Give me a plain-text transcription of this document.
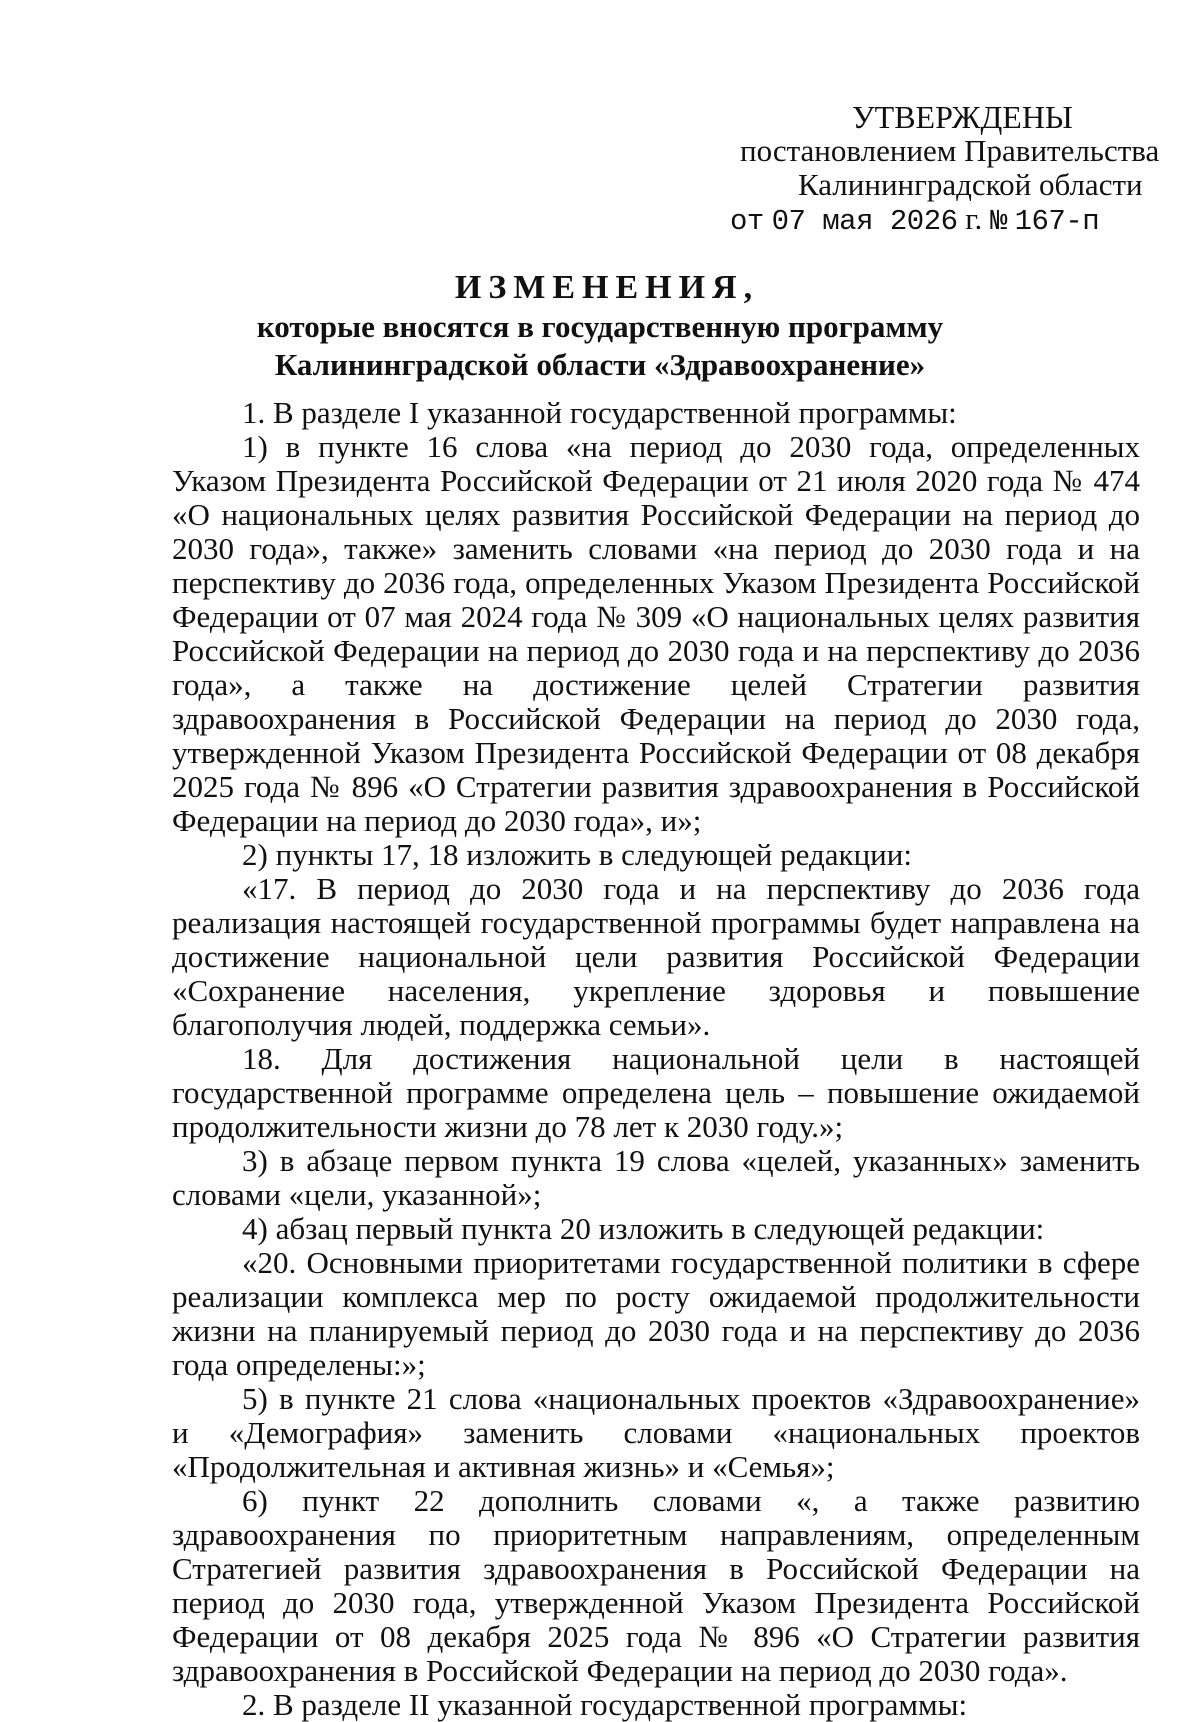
УТВЕРЖДЕНЫ
постановлением Правительства
Калининградской области
от 07 мая 2026 г. № 167-п
ИЗМЕНЕНИЯ,
которые вносятся в государственную программу
Калининградской области «Здравоохранение»

1. В разделе I указанной государственной программы:

1) в пункте 16 слова «на период до 2030 года, определенных Указом Президента Российской Федерации от 21 июля 2020 года № 474 «О национальных целях развития Российской Федерации на период до 2030 года», также» заменить словами «на период до 2030 года и на перспективу до 2036 года, определенных Указом Президента Российской Федерации от 07 мая 2024 года № 309 «О национальных целях развития Российской Федерации на период до 2030 года и на перспективу до 2036 года», а также на достижение целей Стратегии развития здравоохранения в Российской Федерации на период до 2030 года, утвержденной Указом Президента Российской Федерации от 08 декабря 2025 года № 896 «О Стратегии развития здравоохранения в Российской Федерации на период до 2030 года», и»;

2) пункты 17, 18 изложить в следующей редакции:

«17. В период до 2030 года и на перспективу до 2036 года реализация настоящей государственной программы будет направлена на достижение национальной цели развития Российской Федерации «Сохранение населения, укрепление здоровья и повышение благополучия людей, поддержка семьи».

18. Для достижения национальной цели в настоящей государственной программе определена цель – повышение ожидаемой продолжительности жизни до 78 лет к 2030 году.»;

3) в абзаце первом пункта 19 слова «целей, указанных» заменить словами «цели, указанной»;

4) абзац первый пункта 20 изложить в следующей редакции:

«20. Основными приоритетами государственной политики в сфере реализации комплекса мер по росту ожидаемой продолжительности жизни на планируемый период до 2030 года и на перспективу до 2036 года определены:»;

5) в пункте 21 слова «национальных проектов «Здравоохранение» и «Демография» заменить словами «национальных проектов «Продолжительная и активная жизнь» и «Семья»;

6) пункт 22 дополнить словами «, а также развитию здравоохранения по приоритетным направлениям, определенным Стратегией развития здравоохранения в Российской Федерации на период до 2030 года, утвержденной Указом Президента Российской Федерации от 08 декабря 2025 года № 896 «О Стратегии развития здравоохранения в Российской Федерации на период до 2030 года».

2. В разделе II указанной государственной программы:
